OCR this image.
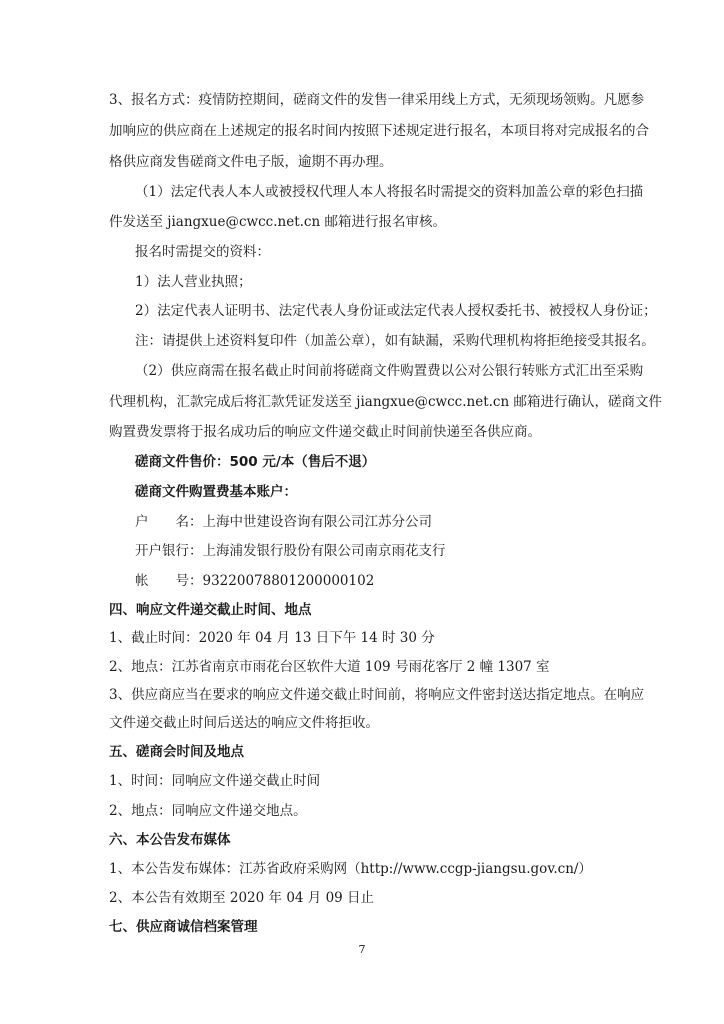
3、报名方式：疫情防控期间，磋商文件的发售一律采用线上方式，无须现场领购。凡愿参
加响应的供应商在上述规定的报名时间内按照下述规定进行报名，本项目将对完成报名的合
格供应商发售磋商文件电子版，逾期不再办理。
（1）法定代表人本人或被授权代理人本人将报名时需提交的资料加盖公章的彩色扫描
件发送至 jiangxue@cwcc.net.cn 邮箱进行报名审核。
报名时需提交的资料：
1）法人营业执照；
2）法定代表人证明书、法定代表人身份证或法定代表人授权委托书、被授权人身份证；
注：请提供上述资料复印件（加盖公章），如有缺漏，采购代理机构将拒绝接受其报名。
（2）供应商需在报名截止时间前将磋商文件购置费以公对公银行转账方式汇出至采购
代理机构，汇款完成后将汇款凭证发送至 jiangxue@cwcc.net.cn 邮箱进行确认，磋商文件
购置费发票将于报名成功后的响应文件递交截止时间前快递至各供应商。
磋商文件售价：500 元/本（售后不退）
磋商文件购置费基本账户：
户　　名：上海中世建设咨询有限公司江苏分公司
开户银行：上海浦发银行股份有限公司南京雨花支行
帐　　号：93220078801200000102
四、响应文件递交截止时间、地点
1、截止时间：2020 年 04 月 13 日下午 14 时 30 分
2、地点：江苏省南京市雨花台区软件大道 109 号雨花客厅 2 幢 1307 室
3、供应商应当在要求的响应文件递交截止时间前，将响应文件密封送达指定地点。在响应
文件递交截止时间后送达的响应文件将拒收。
五、磋商会时间及地点
1、时间：同响应文件递交截止时间
2、地点：同响应文件递交地点。
六、本公告发布媒体
1、本公告发布媒体：江苏省政府采购网（http://www.ccgp-jiangsu.gov.cn/）
2、本公告有效期至 2020 年 04 月 09 日止
七、供应商诚信档案管理
7
